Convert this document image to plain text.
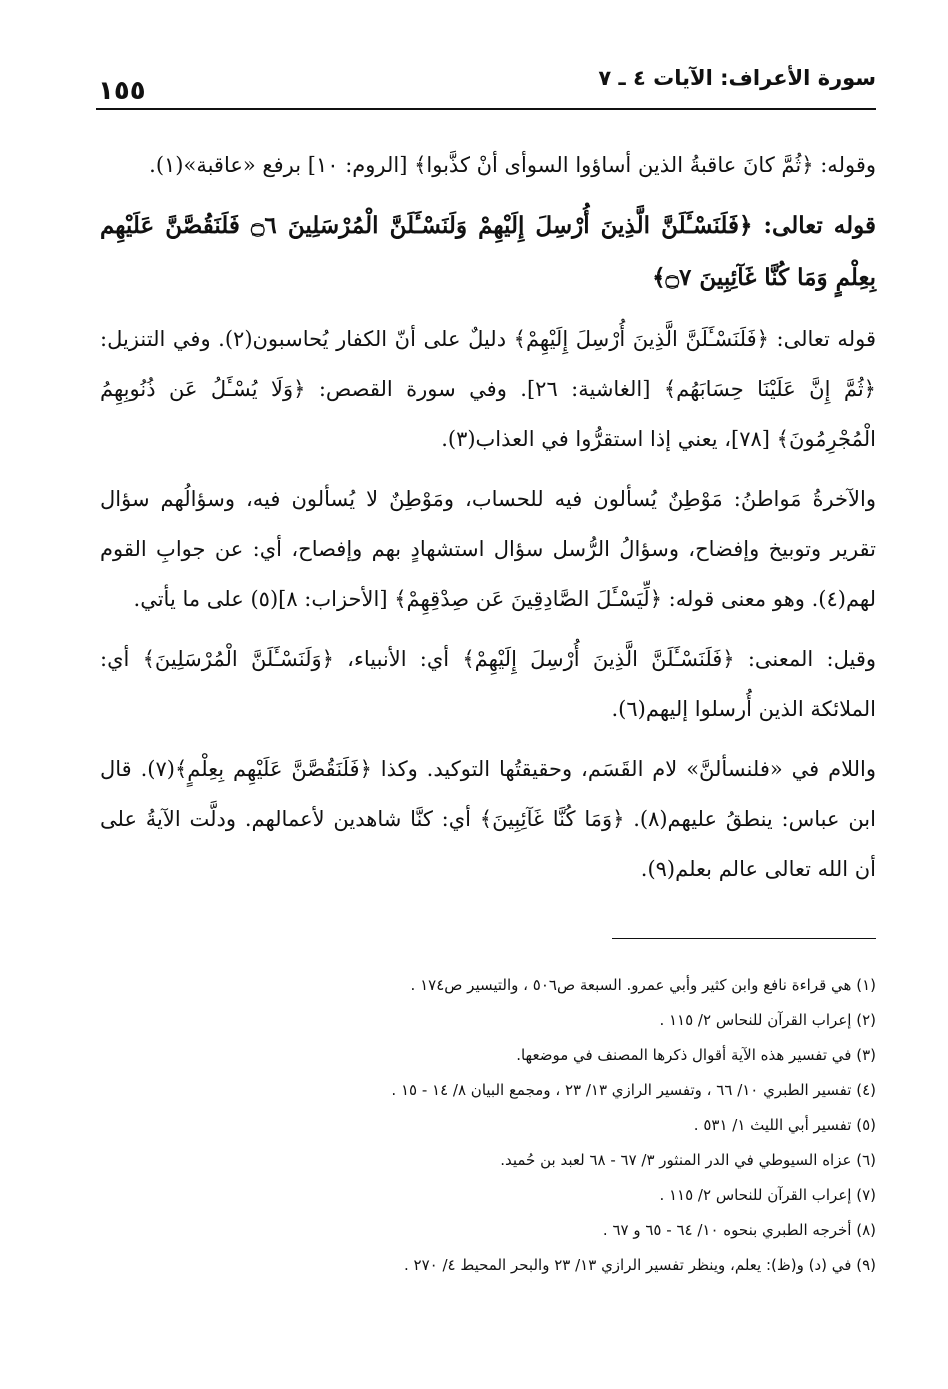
سورة الأعراف: الآيات ٤ ـ ٧
١٥٥

وقوله: ﴿ثُمَّ كانَ عاقبةُ الذين أساؤوا السوأى أنْ كذَّبوا﴾ [الروم: ١٠] برفع «عاقبة»(١).

قوله تعالى: ﴿فَلَنَسْـَٔلَنَّ الَّذِينَ أُرْسِلَ إِلَيْهِمْ وَلَنَسْـَٔلَنَّ الْمُرْسَلِينَ ۝٦ فَلَنَقُصَّنَّ عَلَيْهِم بِعِلْمٍ وَمَا كُنَّا غَآئِبِينَ ۝٧﴾

قوله تعالى: ﴿فَلَنَسْـَٔلَنَّ الَّذِينَ أُرْسِلَ إِلَيْهِمْ﴾ دليلٌ على أنّ الكفار يُحاسبون(٢). وفي التنزيل: ﴿ثُمَّ إِنَّ عَلَيْنَا حِسَابَهُم﴾ [الغاشية: ٢٦]. وفي سورة القصص: ﴿وَلَا يُسْـَٔلُ عَن ذُنُوبِهِمُ الْمُجْرِمُونَ﴾ [٧٨]، يعني إذا استقرُّوا في العذاب(٣).

والآخرةُ مَواطنُ: مَوْطِنٌ يُسألون فيه للحساب، ومَوْطِنٌ لا يُسألون فيه، وسؤالُهم سؤال تقرير وتوبيخ وإفضاح، وسؤالُ الرُّسل سؤال استشهادٍ بهم وإفصاح، أي: عن جوابِ القوم لهم(٤). وهو معنى قوله: ﴿لِّيَسْـَٔلَ الصَّادِقِينَ عَن صِدْقِهِمْ﴾ [الأحزاب: ٨](٥) على ما يأتي.

وقيل: المعنى: ﴿فَلَنَسْـَٔلَنَّ الَّذِينَ أُرْسِلَ إِلَيْهِمْ﴾ أي: الأنبياء، ﴿وَلَنَسْـَٔلَنَّ الْمُرْسَلِينَ﴾ أي: الملائكة الذين أُرسلوا إليهم(٦).

واللام في «فلنسألنَّ» لام القَسَم، وحقيقتُها التوكيد. وكذا ﴿فَلَنَقُصَّنَّ عَلَيْهِم بِعِلْمٍ﴾(٧). قال ابن عباس: ينطقُ عليهم(٨). ﴿وَمَا كُنَّا غَآئِبِينَ﴾ أي: كنَّا شاهدين لأعمالهم. ودلَّت الآيةُ على أن الله تعالى عالم بعلم(٩).

(١) هي قراءة نافع وابن كثير وأبي عمرو. السبعة ص٥٠٦ ، والتيسير ص١٧٤ .
(٢) إعراب القرآن للنحاس ٢/ ١١٥ .
(٣) في تفسير هذه الآية أقوال ذكرها المصنف في موضعها.
(٤) تفسير الطبري ١٠/ ٦٦ ، وتفسير الرازي ١٣/ ٢٣ ، ومجمع البيان ٨/ ١٤ - ١٥ .
(٥) تفسير أبي الليث ١/ ٥٣١ .
(٦) عزاه السيوطي في الدر المنثور ٣/ ٦٧ - ٦٨ لعبد بن حُميد.
(٧) إعراب القرآن للنحاس ٢/ ١١٥ .
(٨) أخرجه الطبري بنحوه ١٠/ ٦٤ - ٦٥ و ٦٧ .
(٩) في (د) و(ظ): يعلم، وينظر تفسير الرازي ١٣/ ٢٣ والبحر المحيط ٤/ ٢٧٠ .
